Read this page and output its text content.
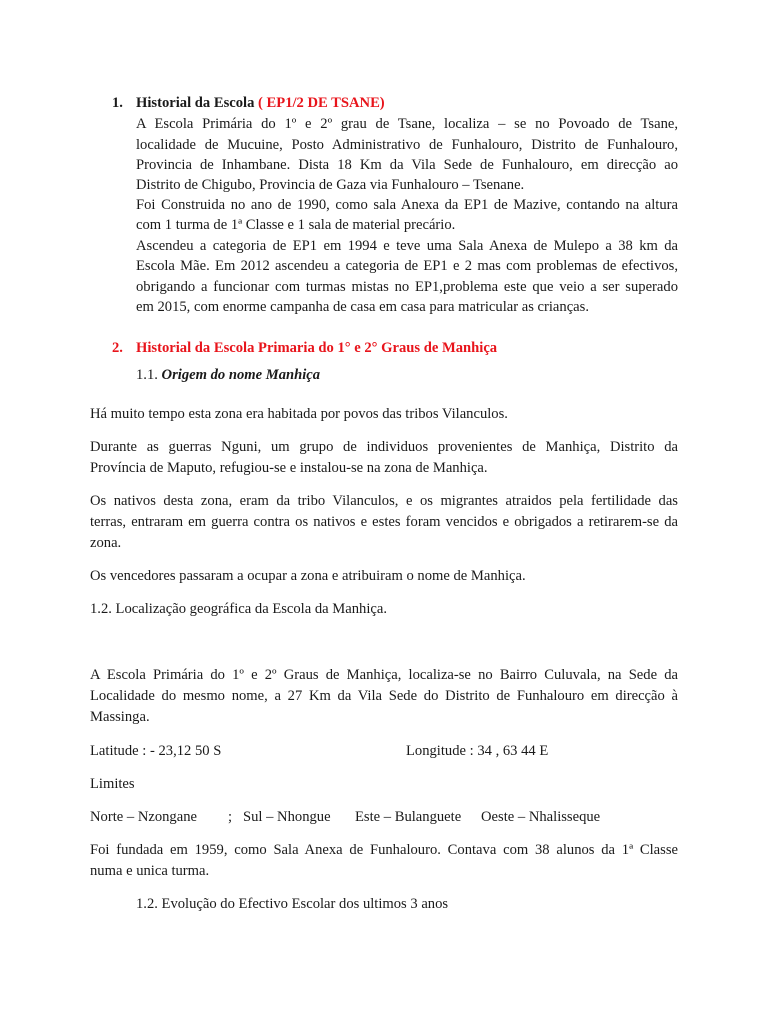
1. Historial da Escola ( EP1/2 DE TSANE)
A Escola Primária do 1º e 2º grau de Tsane, localiza – se no Povoado de Tsane,
localidade de Mucuine, Posto Administrativo de Funhalouro, Distrito de Funhalouro,
Provincia de Inhambane. Dista 18 Km da Vila Sede de Funhalouro, em direcção ao
Distrito de Chigubo, Provincia de Gaza via Funhalouro – Tsenane.
Foi Construida no ano de 1990, como sala Anexa da EP1 de Mazive, contando na altura
com 1 turma de 1ª Classe e 1 sala de material precário.
Ascendeu a categoria de EP1 em 1994 e teve uma Sala Anexa de Mulepo a 38 km da
Escola Mãe. Em 2012 ascendeu a categoria de EP1 e 2 mas com problemas de efectivos,
obrigando a funcionar com turmas mistas no EP1,problema este que veio a ser superado
em 2015, com enorme campanha de casa em casa para matricular as crianças.
2. Historial da Escola Primaria do 1° e 2° Graus de Manhiça
1.1. Origem do nome Manhiça
Há muito tempo esta zona era habitada por povos das tribos Vilanculos.
Durante as guerras Nguni, um grupo de individuos provenientes de Manhiça, Distrito da
Província de Maputo, refugiou-se e instalou-se na zona de Manhiça.
Os nativos desta zona, eram da tribo Vilanculos, e os migrantes atraidos pela fertilidade das
terras, entraram em guerra contra os nativos e estes foram vencidos e obrigados a retirarem-se da
zona.
Os vencedores passaram a ocupar a zona e atribuiram o nome de Manhiça.
1.2. Localização geográfica da Escola da Manhiça.
A Escola Primária do 1º e 2º Graus de Manhiça, localiza-se no Bairro Culuvala, na Sede da
Localidade do mesmo nome, a 27 Km da Vila Sede do Distrito de Funhalouro em direcção à
Massinga.
Latitude : - 23,12 50 S	Longitude : 34 , 63 44 E
Limites
Norte – Nzongane ; Sul – Nhongue Este – Bulanguete Oeste – Nhalisseque
Foi fundada em 1959, como Sala Anexa de Funhalouro. Contava com 38 alunos da 1ª Classe
numa e unica turma.
1.2. Evolução do Efectivo Escolar dos ultimos 3 anos
